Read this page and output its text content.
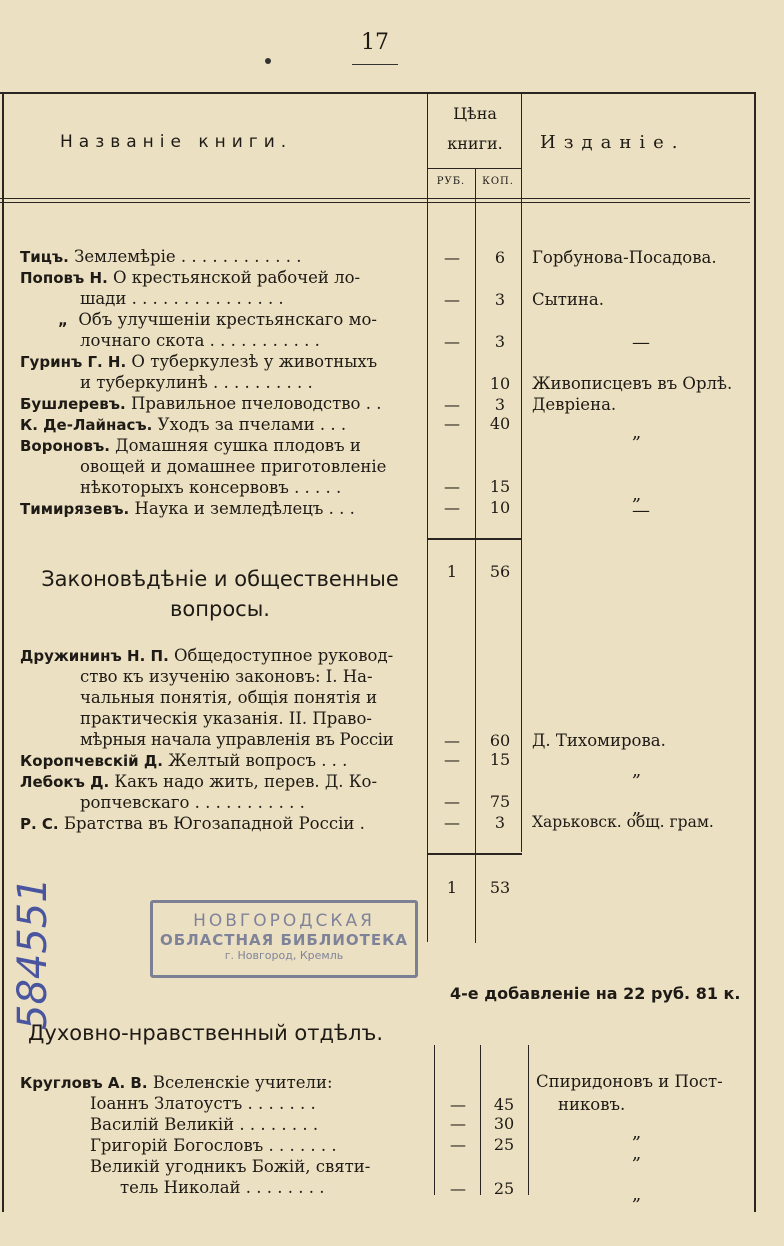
17
Названіе книги.
Цѣна
книги.
РУБ.	КОП.
Изданіе.
Тицъ. Землемѣріе . . . . . . . . . . . .	—	6	Горбунова-Посадова.
Поповъ Н. О крестьянской рабочей ло-
шади . . . . . . . . . . . . . . .	—	3	Сытина.
„ Объ улучшеніи крестьянскаго мо-
лочнаго скота . . . . . . . . . . .	—	3	—
Гуринъ Г. Н. О туберкулезѣ у животныхъ
и туберкулинѣ . . . . . . . . . .	10	Живописцевъ въ Орлѣ.
Бушлеревъ. Правильное пчеловодство . .	—	3	Девріена.
К. Де-Лайнасъ. Уходъ за пчелами . . .	—	40	„
Вороновъ. Домашняя сушка плодовъ и
овощей и домашнее приготовленіе
нѣкоторыхъ консервовъ . . . . .	—	15	„
Тимирязевъ. Наука и земледѣлецъ . . .	—	10	—
1	56
Законовѣдѣніе и общественные
вопросы.
Дружининъ Н. П. Общедоступное руковод-
ство къ изученію законовъ: I. На-
чальныя понятія, общія понятія и
практическія указанія. II. Право-
мѣрныя начала управленія въ Россіи	—	60	Д. Тихомирова.
Коропчевскій Д. Желтый вопросъ . . .	—	15
„
Лебокъ Д. Какъ надо жить, перев. Д. Ко-
ропчевскаго . . . . . . . . . . .	—	75	„
Р. С. Братства въ Югозападной Россіи .	—	3	Харьковск. общ. грам.
1	53
НОВГОРОДСКАЯ
ОБЛАСТНАЯ БИБЛИОТЕКА
г. Новгород, Кремль
584551	4-е добавленіе на 22 руб. 81 к.
Духовно-нравственный отдѣлъ.
Кругловъ А. В. Вселенскіе учители:	Спиридоновъ и Пост-
Іоаннъ Златоустъ . . . . . . .	—	45	никовъ.
Василій Великій . . . . . . . .	—	30	„
Григорій Богословъ . . . . . . .	—	25	„
Великій угодникъ Божій, святи-
тель Николай . . . . . . . .	—	25	„
